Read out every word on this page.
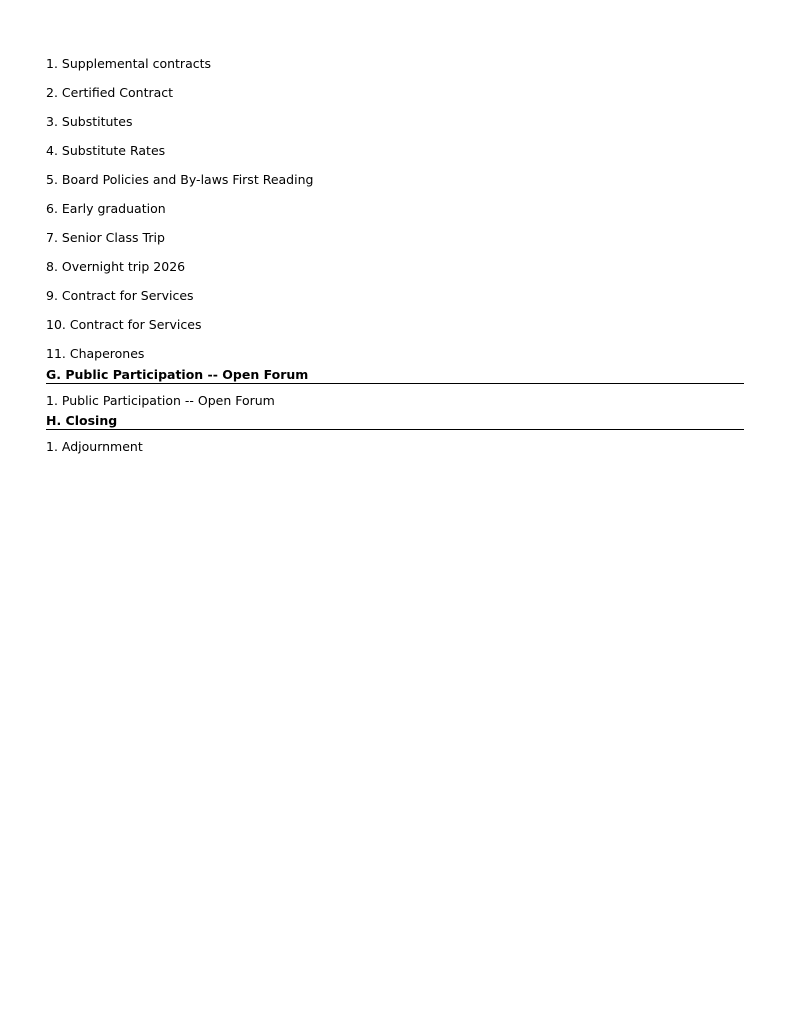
1. Supplemental contracts
2. Certified Contract
3. Substitutes
4. Substitute Rates
5. Board Policies and By-laws First Reading
6. Early graduation
7. Senior Class Trip
8. Overnight trip 2026
9. Contract for Services
10. Contract for Services
11. Chaperones
G. Public Participation -- Open Forum
1. Public Participation -- Open Forum
H. Closing
1. Adjournment
